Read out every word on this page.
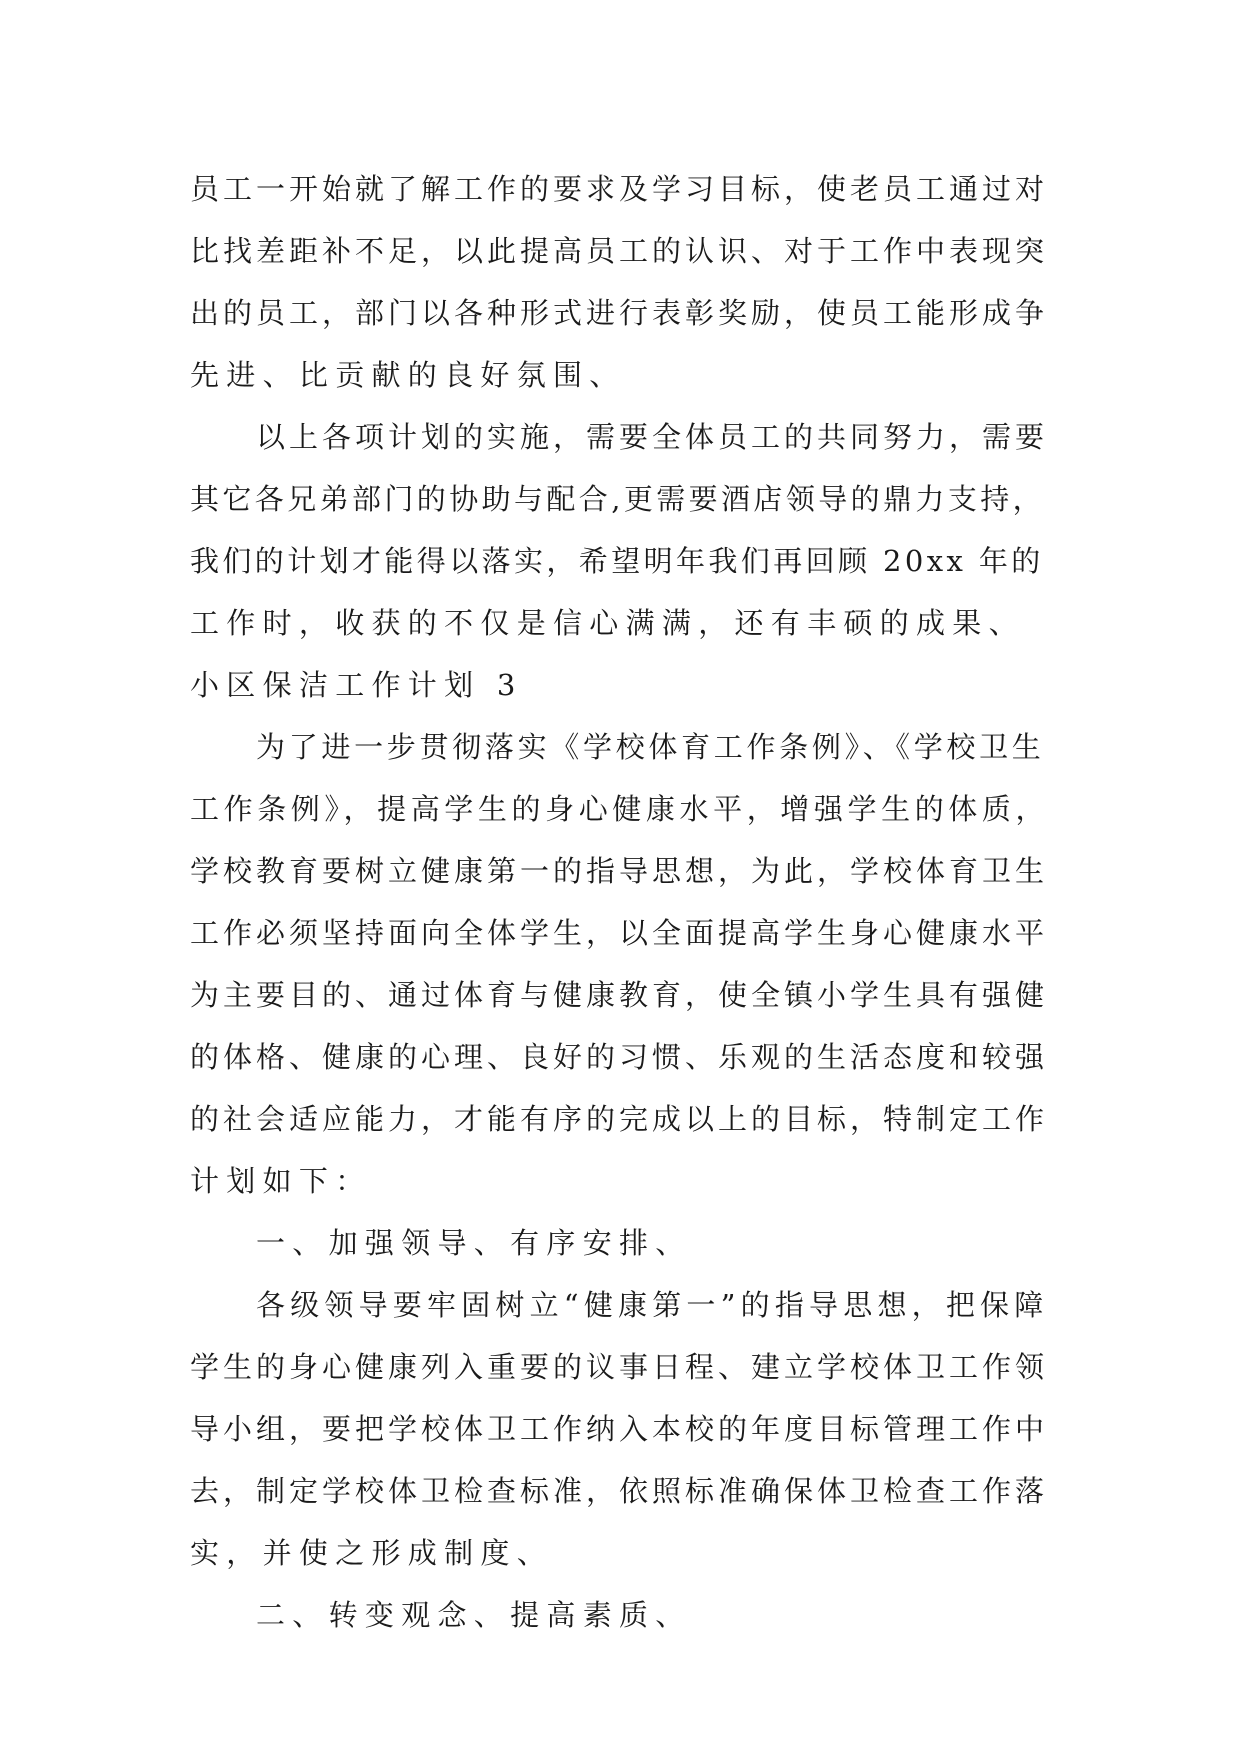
员工一开始就了解工作的要求及学习目标，使老员工通过对
比找差距补不足，以此提高员工的认识、对于工作中表现突
出的员工，部门以各种形式进行表彰奖励，使员工能形成争
先进、比贡献的良好氛围、
以上各项计划的实施，需要全体员工的共同努力，需要
其它各兄弟部门的协助与配合,更需要酒店领导的鼎力支持，
我们的计划才能得以落实，希望明年我们再回顾 20xx 年的
工作时，收获的不仅是信心满满，还有丰硕的成果、
小区保洁工作计划 3
为了进一步贯彻落实《学校体育工作条例》、《学校卫生
工作条例》，提高学生的身心健康水平，增强学生的体质，
学校教育要树立健康第一的指导思想，为此，学校体育卫生
工作必须坚持面向全体学生，以全面提高学生身心健康水平
为主要目的、通过体育与健康教育，使全镇小学生具有强健
的体格、健康的心理、良好的习惯、乐观的生活态度和较强
的社会适应能力，才能有序的完成以上的目标，特制定工作
计划如下：
一、加强领导、有序安排、
各级领导要牢固树立“健康第一”的指导思想，把保障
学生的身心健康列入重要的议事日程、建立学校体卫工作领
导小组，要把学校体卫工作纳入本校的年度目标管理工作中
去，制定学校体卫检查标准，依照标准确保体卫检查工作落
实，并使之形成制度、
二、转变观念、提高素质、
